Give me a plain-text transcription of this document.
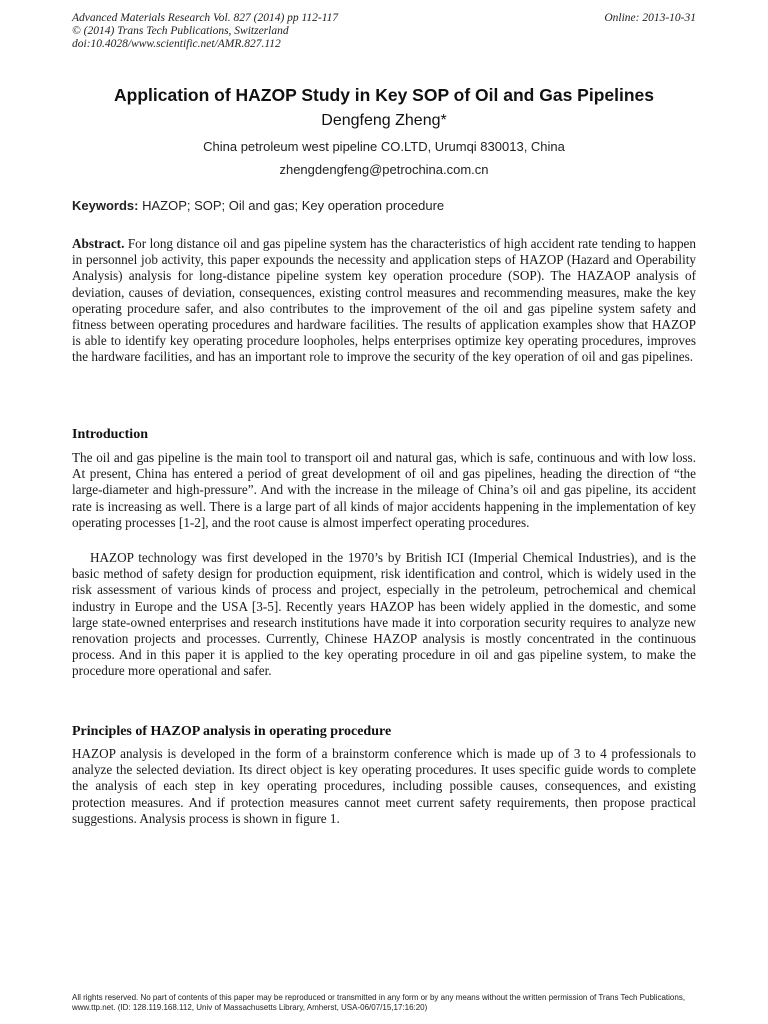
Advanced Materials Research Vol. 827 (2014) pp 112-117
© (2014) Trans Tech Publications, Switzerland
doi:10.4028/www.scientific.net/AMR.827.112
Online: 2013-10-31
Application of HAZOP Study in Key SOP of Oil and Gas Pipelines
Dengfeng Zheng*
China petroleum west pipeline CO.LTD, Urumqi 830013, China
zhengdengfeng@petrochina.com.cn
Keywords: HAZOP; SOP; Oil and gas; Key operation procedure
Abstract. For long distance oil and gas pipeline system has the characteristics of high accident rate tending to happen in personnel job activity, this paper expounds the necessity and application steps of HAZOP (Hazard and Operability Analysis) analysis for long-distance pipeline system key operation procedure (SOP). The HAZAOP analysis of deviation, causes of deviation, consequences, existing control measures and recommending measures, make the key operating procedure safer, and also contributes to the improvement of the oil and gas pipeline system safety and fitness between operating procedures and hardware facilities. The results of application examples show that HAZOP is able to identify key operating procedure loopholes, helps enterprises optimize key operating procedures, improves the hardware facilities, and has an important role to improve the security of the key operation of oil and gas pipelines.
Introduction
The oil and gas pipeline is the main tool to transport oil and natural gas, which is safe, continuous and with low loss. At present, China has entered a period of great development of oil and gas pipelines, heading the direction of “the large-diameter and high-pressure”. And with the increase in the mileage of China’s oil and gas pipeline, its accident rate is increasing as well. There is a large part of all kinds of major accidents happening in the implementation of key operating processes [1-2], and the root cause is almost imperfect operating procedures.
HAZOP technology was first developed in the 1970’s by British ICI (Imperial Chemical Industries), and is the basic method of safety design for production equipment, risk identification and control, which is widely used in the risk assessment of various kinds of process and project, especially in the petroleum, petrochemical and chemical industry in Europe and the USA [3-5]. Recently years HAZOP has been widely applied in the domestic, and some large state-owned enterprises and research institutions have made it into corporation security requires to analyze new renovation projects and processes. Currently, Chinese HAZOP analysis is mostly concentrated in the continuous process. And in this paper it is applied to the key operating procedure in oil and gas pipeline system, to make the procedure more operational and safer.
Principles of HAZOP analysis in operating procedure
HAZOP analysis is developed in the form of a brainstorm conference which is made up of 3 to 4 professionals to analyze the selected deviation. Its direct object is key operating procedures. It uses specific guide words to complete the analysis of each step in key operating procedures, including possible causes, consequences, and existing protection measures. And if protection measures cannot meet current safety requirements, then propose practical suggestions. Analysis process is shown in figure 1.
All rights reserved. No part of contents of this paper may be reproduced or transmitted in any form or by any means without the written permission of Trans Tech Publications, www.ttp.net. (ID: 128.119.168.112, Univ of Massachusetts Library, Amherst, USA-06/07/15,17:16:20)
